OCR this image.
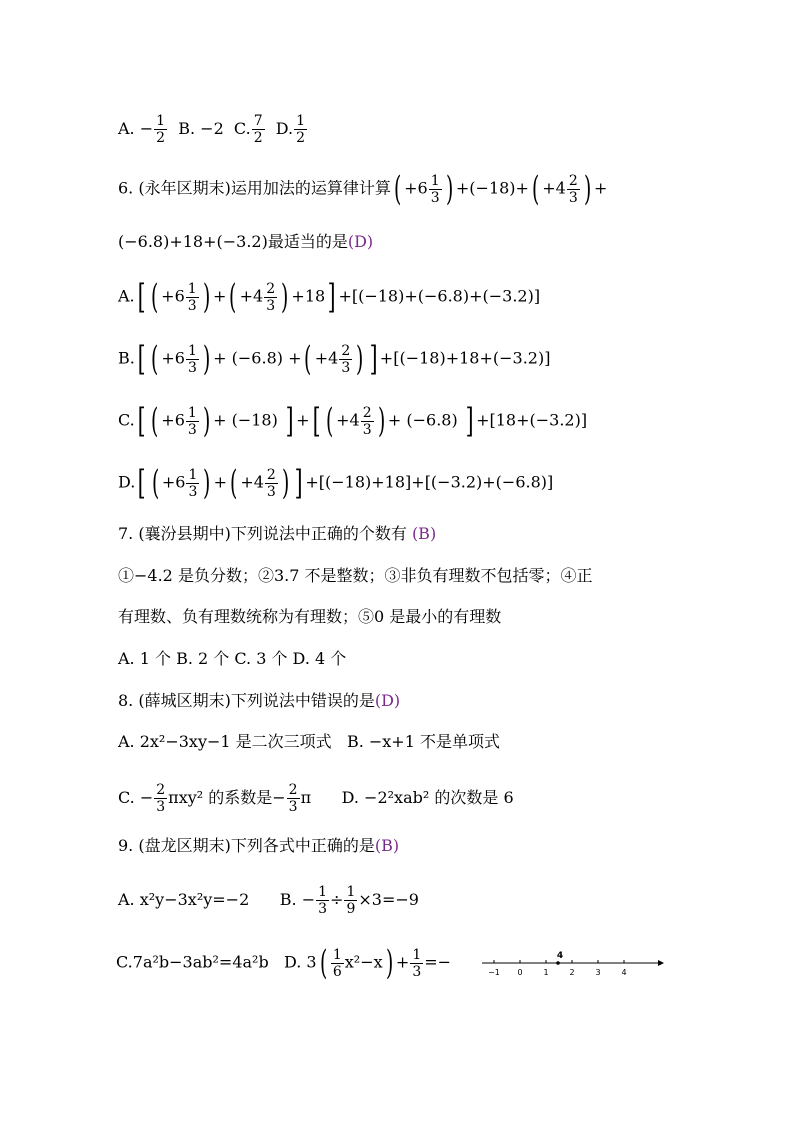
A. − $\frac{1}{2} B$. −2 C. $\frac{7}{2} D$. $\frac{1}{2}$
6. (永年区期末)运用加法的运算律计算( $+6 \frac{1}{3}$ ) $+(-18)+( +4 \frac{2}{3}$ ) +
(−6.8)+18+(−3.2)最适当的是(D)
A.[ ( $+6 \frac{1}{3}$ ) +( $+4 \frac{2}{3}$ ) +18] +[(−18)+(−6.8)+(−3.2)]
B.[ ( $+6 \frac{1}{3}$ ) + (−6.8) +( $+4 \frac{2}{3}$ ) ] +[(−18)+18+(−3.2)]
C.[ ( $+6 \frac{1}{3}$ ) + (−18) ] +[ ( $+4 \frac{2}{3}$ ) + (−6.8) ] +[18+(−3.2)]
D.[ ( $+6 \frac{1}{3}$ ) +( $+4 \frac{2}{3}$ ) ] +[(−18)+18]+[(−3.2)+(−6.8)]
7. (襄汾县期中)下列说法中正确的个数有 (B)
①−4.2 是负分数；②3.7 不是整数；③非负有理数不包括零；④正
有理数、负有理数统称为有理数；⑤0 是最小的有理数
A. 1 个 B. 2 个 C. 3 个 D. 4 个
8. (薛城区期末)下列说法中错误的是(D)
A. 2x²−3xy−1 是二次三项式 B. −x+1 不是单项式
C. − $\frac{2}{3} \pi xy^2$ 的系数是− $\frac{2}{3}$ π D. −2²xab² 的次数是 6
9. (盘龙区期末)下列各式中正确的是(B)
A. x²y−3x²y=−2 B. − $\frac{1}{3} \div \frac{1}{9} \times 3=-9$
C.7a²b−3ab²=4a²b D. $3( \frac{1}{6} x^2-x) + \frac{1}{3}$ =−
−1 0	1	2	3	4
4
